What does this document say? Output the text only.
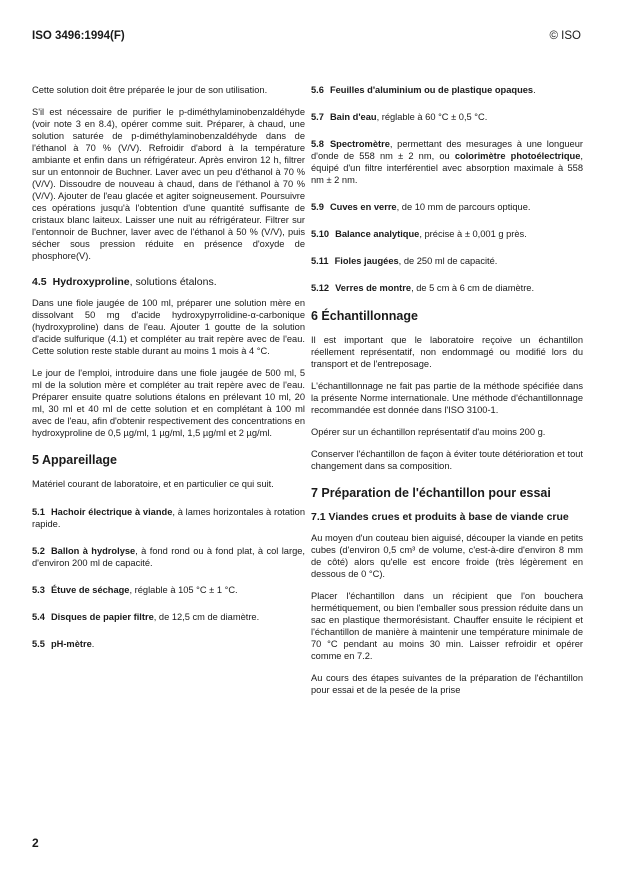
ISO 3496:1994(F)	© ISO

Cette solution doit être préparée le jour de son utilisation.

S'il est nécessaire de purifier le p-diméthylaminobenzaldéhyde (voir note 3 en 8.4), opérer comme suit. Préparer, à chaud, une solution saturée de p-diméthylaminobenzaldéhyde dans de l'éthanol à 70 % (V/V). Refroidir d'abord à la température ambiante et enfin dans un réfrigérateur. Après environ 12 h, filtrer sur un entonnoir de Buchner. Laver avec un peu d'éthanol à 70 % (V/V). Dissoudre de nouveau à chaud, dans de l'éthanol à 70 % (V/V). Ajouter de l'eau glacée et agiter soigneusement. Poursuivre ces opérations jusqu'à l'obtention d'une quantité suffisante de cristaux blanc laiteux. Laisser une nuit au réfrigérateur. Filtrer sur l'entonnoir de Buchner, laver avec de l'éthanol à 50 % (V/V), puis sécher sous pression réduite en présence d'oxyde de phosphore(V).

4.5 Hydroxyproline, solutions étalons.

Dans une fiole jaugée de 100 ml, préparer une solution mère en dissolvant 50 mg d'acide hydroxypyrrolidine-α-carbonique (hydroxyproline) dans de l'eau. Ajouter 1 goutte de la solution d'acide sulfurique (4.1) et compléter au trait repère avec de l'eau. Cette solution reste stable durant au moins 1 mois à 4 °C.

Le jour de l'emploi, introduire dans une fiole jaugée de 500 ml, 5 ml de la solution mère et compléter au trait repère avec de l'eau. Préparer ensuite quatre solutions étalons en prélevant 10 ml, 20 ml, 30 ml et 40 ml de cette solution et en complétant à 100 ml avec de l'eau, afin d'obtenir respectivement des concentrations en hydroxyproline de 0,5 µg/ml, 1 µg/ml, 1,5 µg/ml et 2 µg/ml.

5 Appareillage

Matériel courant de laboratoire, et en particulier ce qui suit.

5.1 Hachoir électrique à viande, à lames horizontales à rotation rapide.
5.2 Ballon à hydrolyse, à fond rond ou à fond plat, à col large, d'environ 200 ml de capacité.
5.3 Étuve de séchage, réglable à 105 °C ± 1 °C.
5.4 Disques de papier filtre, de 12,5 cm de diamètre.
5.5 pH-mètre.
5.6 Feuilles d'aluminium ou de plastique opaques.
5.7 Bain d'eau, réglable à 60 °C ± 0,5 °C.
5.8 Spectromètre, permettant des mesurages à une longueur d'onde de 558 nm ± 2 nm, ou colorimètre photoélectrique, équipé d'un filtre interférentiel avec absorption maximale à 558 nm ± 2 nm.
5.9 Cuves en verre, de 10 mm de parcours optique.
5.10 Balance analytique, précise à ± 0,001 g près.
5.11 Fioles jaugées, de 250 ml de capacité.
5.12 Verres de montre, de 5 cm à 6 cm de diamètre.
6 Échantillonnage

Il est important que le laboratoire reçoive un échantillon réellement représentatif, non endommagé ou modifié lors du transport et de l'entreposage.

L'échantillonnage ne fait pas partie de la méthode spécifiée dans la présente Norme internationale. Une méthode d'échantillonnage recommandée est donnée dans l'ISO 3100-1.

Opérer sur un échantillon représentatif d'au moins 200 g.

Conserver l'échantillon de façon à éviter toute détérioration et tout changement dans sa composition.

7 Préparation de l'échantillon pour essai
7.1 Viandes crues et produits à base de viande crue

Au moyen d'un couteau bien aiguisé, découper la viande en petits cubes (d'environ 0,5 cm³ de volume, c'est-à-dire d'environ 8 mm de côté) alors qu'elle est encore froide (très légèrement en dessous de 0 °C).

Placer l'échantillon dans un récipient que l'on bouchera hermétiquement, ou bien l'emballer sous pression réduite dans un sac en plastique thermorésistant. Chauffer ensuite le récipient et l'échantillon de manière à maintenir une température minimale de 70 °C pendant au moins 30 min. Laisser refroidir et opérer comme en 7.2.

Au cours des étapes suivantes de la préparation de l'échantillon pour essai et de la pesée de la prise

2
